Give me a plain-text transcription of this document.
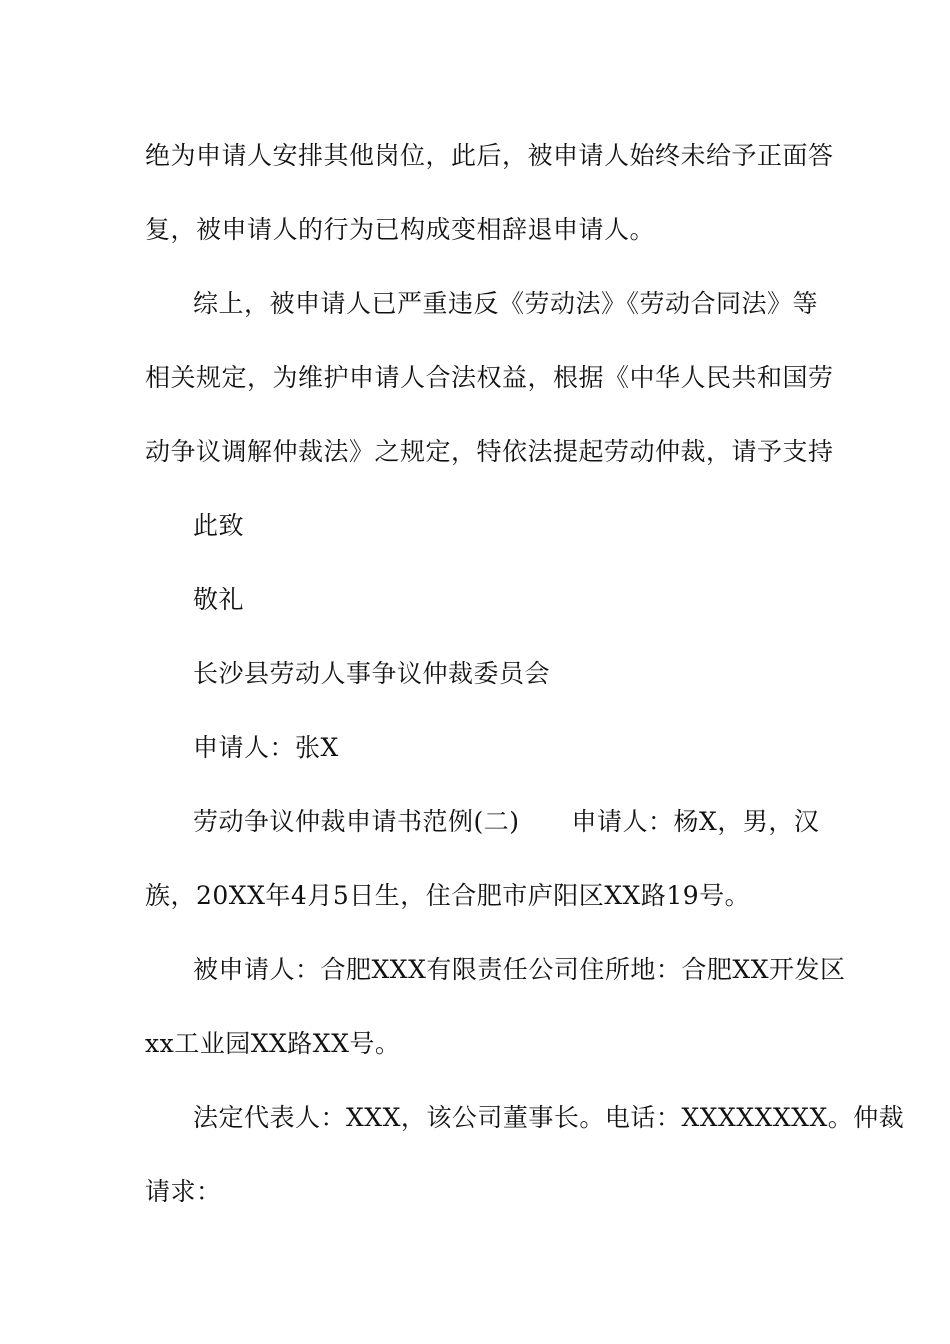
绝为申请人安排其他岗位，此后，被申请人始终未给予正面答
复，被申请人的行为已构成变相辞退申请人。
综上，被申请人已严重违反《劳动法》《劳动合同法》等
相关规定，为维护申请人合法权益，根据《中华人民共和国劳
动争议调解仲裁法》之规定，特依法提起劳动仲裁，请予支持
此致
敬礼
长沙县劳动人事争议仲裁委员会
申请人：张X
劳动争议仲裁申请书范例(二) 申请人：杨X，男，汉
族，20XX年4月5日生，住合肥市庐阳区XX路19号。
被申请人：合肥XXX有限责任公司住所地：合肥XX开发区
xx工业园XX路XX号。
法定代表人：XXX，该公司董事长。电话：XXXXXXXX。仲裁
请求：
